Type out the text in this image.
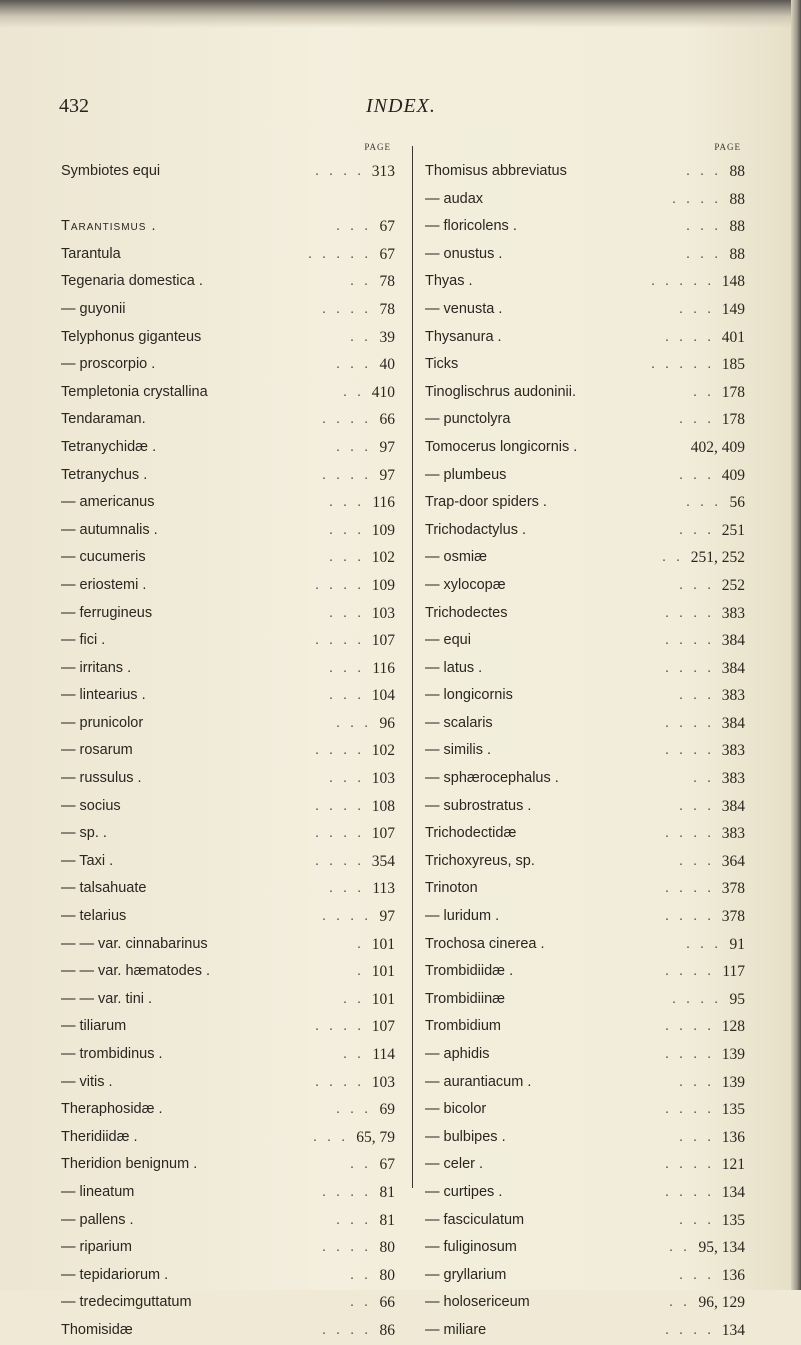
432	INDEX.
PAGE
Symbiotes equi	. . . . 313
Tarantismus .	. . . 67
Tarantula	. . . . . 67
Tegenaria domestica .	. . 78
— guyonii	. . . . 78
Telyphonus giganteus	. . 39
— proscorpio .	. . . 40
Templetonia crystallina	. . 410
Tendaraman.	. . . . 66
Tetranychidæ .	. . . 97
Tetranychus .	. . . . 97
— americanus	. . . 116
— autumnalis .	. . . 109
— cucumeris	. . . 102
— eriostemi .	. . . . 109
— ferrugineus	. . . 103
— fici .	. . . . 107
— irritans .	. . . 116
— lintearius .	. . . 104
— prunicolor	. . . 96
— rosarum	. . . . 102
— russulus .	. . . 103
— socius	. . . . 108
— sp. .	. . . . 107
— Taxi .	. . . . 354
— talsahuate	. . . 113
— telarius	. . . . 97
— — var. cinnabarinus	. 101
— — var. hæmatodes .	. 101
— — var. tini .	. . 101
— tiliarum	. . . . 107
— trombidinus .	. . 114
— vitis .	. . . . 103
Theraphosidæ .	. . . 69
Theridiidæ .	. . . 65, 79
Theridion benignum .	. . 67
— lineatum	. . . . 81
— pallens .	. . . 81
— riparium	. . . . 80
— tepidariorum .	. . 80
— tredecimguttatum	. . 66
Thomisidæ	. . . . 86
PAGE
Thomisus abbreviatus	. . . 88
— audax	. . . . 88
— floricolens .	. . . 88
— onustus .	. . . 88
Thyas .	. . . . . 148
— venusta .	. . . 149
Thysanura .	. . . . 401
Ticks	. . . . . 185
Tinoglischrus audoninii.	. . 178
— punctolyra	. . . 178
Tomocerus longicornis .	402, 409
— plumbeus	. . . 409
Trap-door spiders .	. . . 56
Trichodactylus .	. . . 251
— osmiæ	. . 251, 252
— xylocopæ	. . . 252
Trichodectes	. . . . 383
— equi	. . . . 384
— latus .	. . . . 384
— longicornis	. . . 383
— scalaris	. . . . 384
— similis .	. . . . 383
— sphærocephalus .	. . 383
— subrostratus .	. . . 384
Trichodectidæ	. . . . 383
Trichoxyreus, sp.	. . . 364
Trinoton	. . . . 378
— luridum .	. . . . 378
Trochosa cinerea .	. . . 91
Trombidiidæ .	. . . . 117
Trombidiinæ	. . . . 95
Trombidium	. . . . 128
— aphidis	. . . . 139
— aurantiacum .	. . . 139
— bicolor	. . . . 135
— bulbipes .	. . . 136
— celer .	. . . . 121
— curtipes .	. . . . 134
— fasciculatum	. . . 135
— fuliginosum	. . 95, 134
— gryllarium	. . . 136
— holosericeum	. . 96, 129
— miliare	. . . . 134
